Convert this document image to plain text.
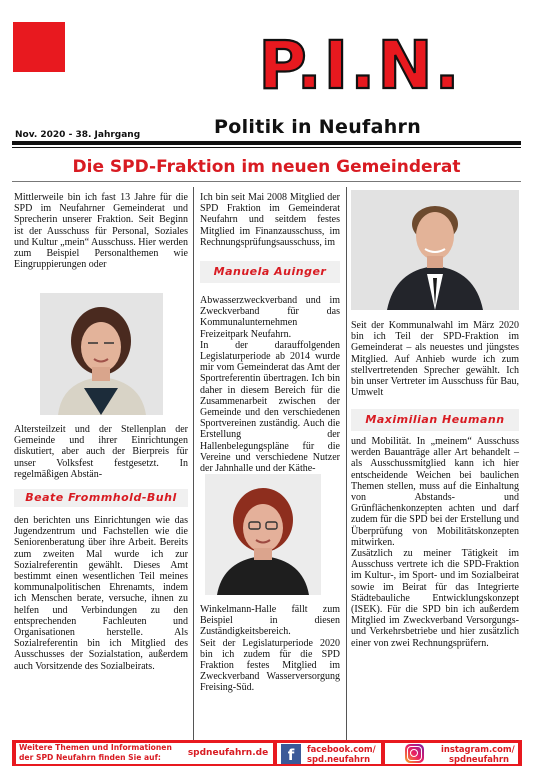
P.I.N.
Nov. 2020 - 38. Jahrgang	Politik in Neufahrn
Die SPD-Fraktion im neuen Gemeinderat
Mittlerweile bin ich fast 13 Jahre für die SPD im Neufahrner Gemeinderat und Sprecherin unserer Fraktion. Seit Beginn ist der Ausschuss für Personal, Soziales und Kultur „mein“ Ausschuss. Hier werden zum Beispiel Personalthemen wie Eingruppierungen oder
Altersteilzeit und der Stellenplan der Gemeinde und ihrer Einrichtungen diskutiert, aber auch der Bierpreis für unser Volksfest festgesetzt. In regelmäßigen Abstän-
Beate Frommhold-Buhl
den berichten uns Einrichtungen wie das Jugendzentrum und Fachstellen wie die Seniorenberatung über ihre Arbeit. Bereits zum zweiten Mal wurde ich zur Sozialreferentin gewählt. Dieses Amt bestimmt einen wesentlichen Teil meines kommunalpolitischen Ehrenamts, indem ich Menschen berate, versuche, ihnen zu helfen und Verbindungen zu den entsprechenden Fachleuten und Organisationen herstelle. Als Sozialreferentin bin ich Mitglied des Ausschusses der Sozialstation, außerdem auch Vorsitzende des Sozialbeirats.
Ich bin seit Mai 2008 Mitglied der SPD Fraktion im Gemeinderat Neufahrn und seitdem festes Mitglied im Finanzausschuss, im Rechnungsprüfungsausschuss, im
Manuela Auinger
Abwasserzweckverband und im Zweckverband für das Kommunalunternehmen Freizeitpark Neufahrn.
In der darauffolgenden Legislaturperiode ab 2014 wurde mir vom Gemeinderat das Amt der Sportreferentin übertragen. Ich bin daher in diesem Bereich für die Zusammenarbeit zwischen der Gemeinde und den verschiedenen Sportvereinen zuständig. Auch die Erstellung der Hallenbelegungspläne für die Vereine und verschiedene Nutzer der Jahnhalle und der Käthe-
Winkelmann-Halle fällt zum Beispiel in diesen Zuständigkeitsbereich.
Seit der Legislaturperiode 2020 bin ich zudem für die SPD Fraktion festes Mitglied im Zweckverband Wasserversorgung Freising-Süd.
Seit der Kommunalwahl im März 2020 bin ich Teil der SPD-Fraktion im Gemeinderat – als neuestes und jüngstes Mitglied. Auf Anhieb wurde ich zum stellvertretenden Sprecher gewählt. Ich bin unser Vertreter im Ausschuss für Bau, Umwelt
Maximilian Heumann
und Mobilität. In „meinem“ Ausschuss werden Bauanträge aller Art behandelt – als Ausschussmitglied kann ich hier entscheidende Weichen bei baulichen Themen stellen, muss auf die Einhaltung von Abstands- und Grünflächenkonzepten achten und darf zudem für die SPD bei der Erstellung und Überprüfung von Mobilitätskonzepten mitwirken.
Zusätzlich zu meiner Tätigkeit im Ausschuss vertrete ich die SPD-Fraktion im Kultur-, im Sport- und im Sozialbeirat sowie im Beirat für das Integrierte Städtebauliche Entwicklungskonzept (ISEK). Für die SPD bin ich außerdem Mitglied im Zweckverband Versorgungs- und Verkehrsbetriebe und hier zusätzlich einer von zwei Rechnungsprüfern.
Weitere Themen und Informationen
der SPD Neufahrn finden Sie auf:	spdneufahrn.de	f	facebook.com/
spd.neufahrn
instagram.com/
spdneufahrn
